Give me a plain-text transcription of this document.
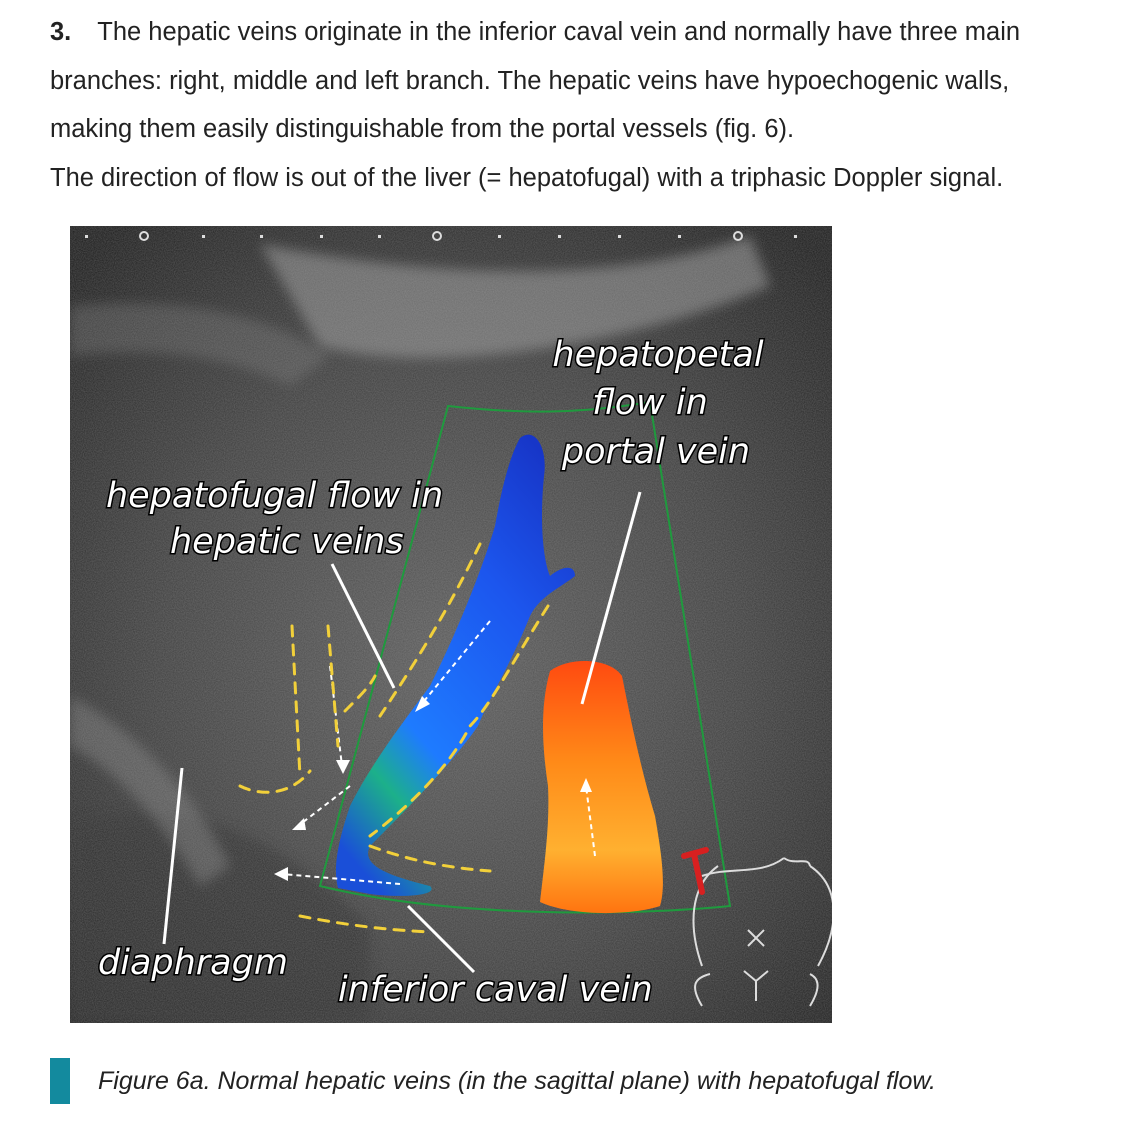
3. The hepatic veins originate in the inferior caval vein and normally have three main

branches: right, middle and left branch. The hepatic veins have hypoechogenic walls,

making them easily distinguishable from the portal vessels (fig. 6).

The direction of flow is out of the liver (= hepatofugal) with a triphasic Doppler signal.

hepatopetal
flow in
portal vein
hepatofugal flow in
hepatic veins
diaphragm
inferior caval vein
Figure 6a. Normal hepatic veins (in the sagittal plane) with hepatofugal flow.
